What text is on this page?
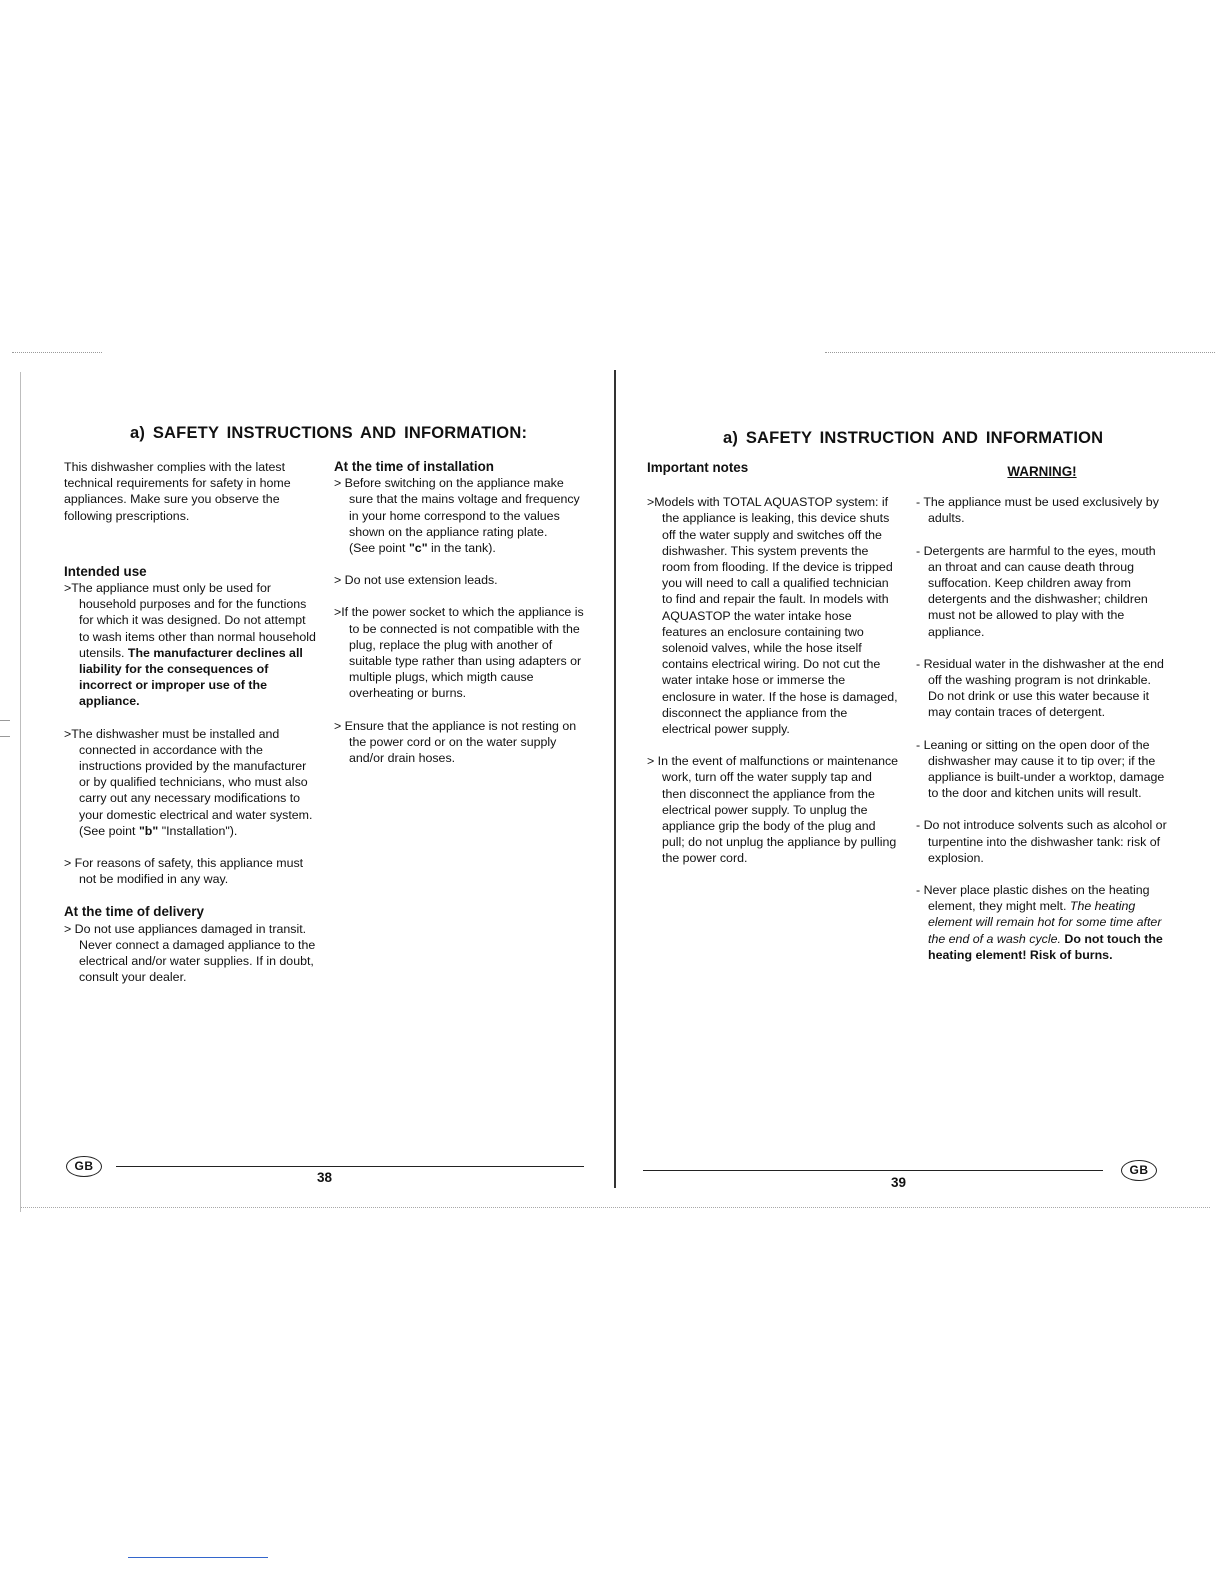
a) SAFETY INSTRUCTIONS AND INFORMATION:

This dishwasher complies with the latest technical requirements for safety in home appliances. Make sure you observe the following prescriptions.

Intended use

>The appliance must only be used for household purposes and for the functions for which it was designed. Do not attempt to wash items other than normal household utensils. The manufacturer declines all liability for the consequences of incorrect or improper use of the appliance.

>The dishwasher must be installed and connected in accordance with the instructions provided by the manufacturer or by qualified technicians, who must also carry out any necessary modifications to your domestic electrical and water system.(See point "b" "Installation").

> For reasons of safety, this appliance must not be modified in any way.

At the time of delivery

> Do not use appliances damaged in transit. Never connect a damaged appliance to the electrical and/or water supplies. If in doubt, consult your dealer.

At the time of installation

> Before switching on the appliance make sure that the mains voltage and frequency in your home correspond to the values shown on the appliance rating plate.
(See point "c" in the tank).

> Do not use extension leads.

>If the power socket to which the appliance is to be connected is not compatible with the plug, replace the plug with another of suitable type rather than using adapters or multiple plugs, which migth cause overheating or burns.

> Ensure that the appliance is not resting on the power cord or on the water supply and/or drain hoses.

GB
38
a) SAFETY INSTRUCTION AND INFORMATION

Important notes

>Models with TOTAL AQUASTOP system: if the appliance is leaking, this device shuts off the water supply and switches off the dishwasher. This system prevents the room from flooding. If the device is tripped you will need to call a qualified technician to find and repair the fault. In models with AQUASTOP the water intake hose features an enclosure containing two solenoid valves, while the hose itself contains electrical wiring. Do not cut the water intake hose or immerse the enclosure in water. If the hose is damaged, disconnect the appliance from the electrical power supply.

> In the event of malfunctions or maintenance work, turn off the water supply tap and then disconnect the appliance from the electrical power supply. To unplug the appliance grip the body of the plug and pull; do not unplug the appliance by pulling the power cord.

WARNING!

- The appliance must be used exclusively by adults.

- Detergents are harmful to the eyes, mouth an throat and can cause death throug suffocation. Keep children away from detergents and the dishwasher; children must not be allowed to play with the appliance.

- Residual water in the dishwasher at the end off the washing program is not drinkable. Do not drink or use this water because it may contain traces of detergent.

- Leaning or sitting on the open door of the dishwasher may cause it to tip over; if the appliance is built-under a worktop, damage to the door and kitchen units will result.

- Do not introduce solvents such as alcohol or turpentine into the dishwasher tank: risk of explosion.

- Never place plastic dishes on the heating element, they might melt. The heating element will remain hot for some time after the end of a wash cycle. Do not touch the heating element! Risk of burns.

GB
39
